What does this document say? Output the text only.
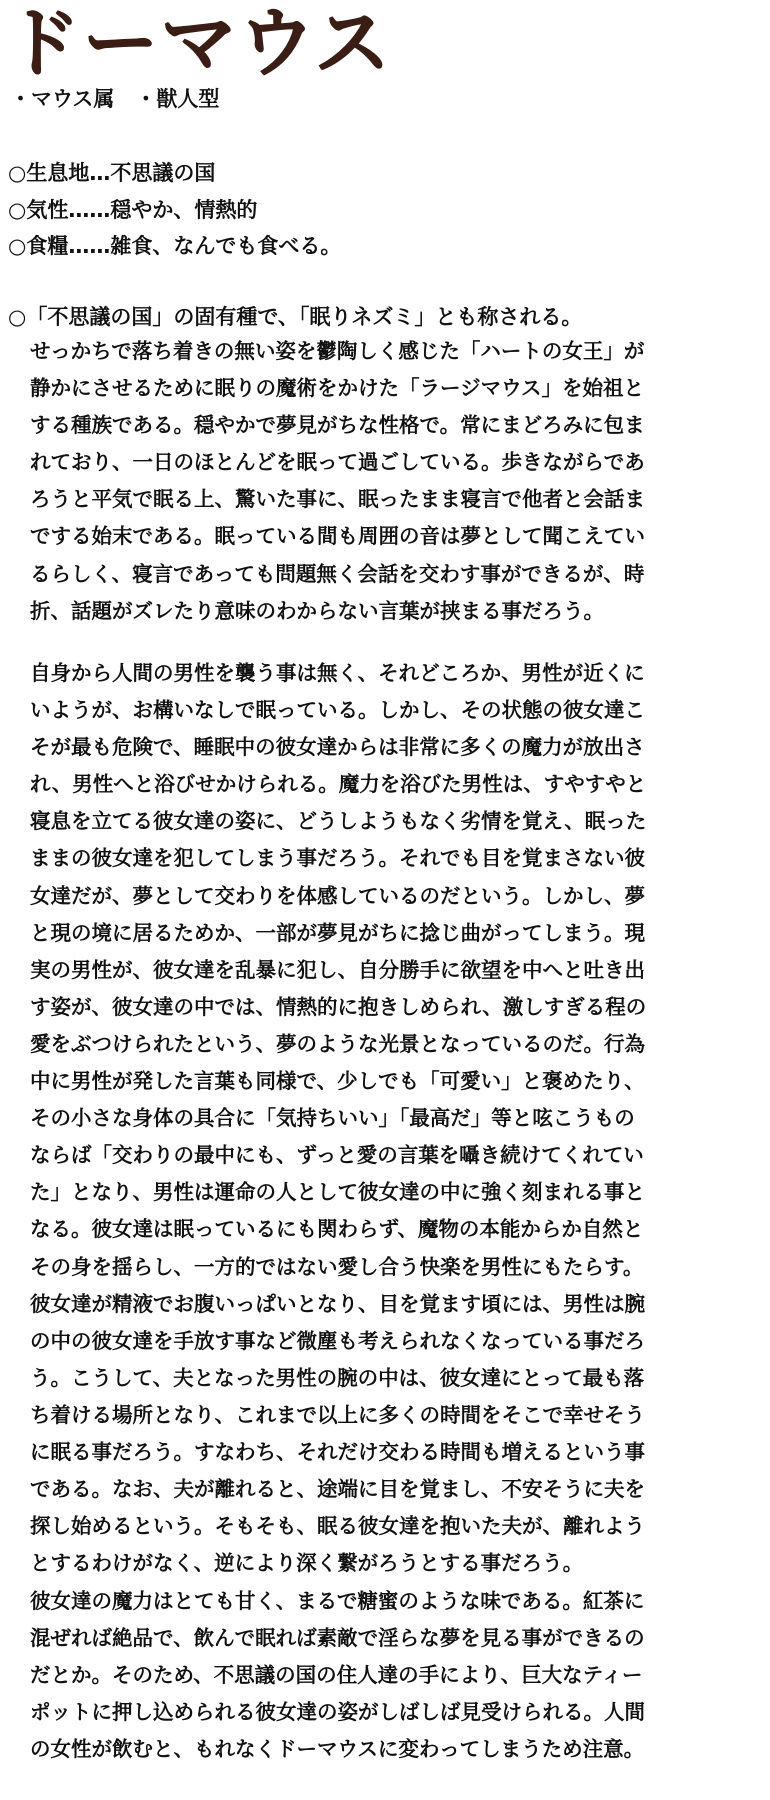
ドーマウス
・マウス属　・獣人型
○生息地…不思議の国
○気性……穏やか、情熱的
○食糧……雑食、なんでも食べる。
○「不思議の国」の固有種で、「眠りネズミ」とも称される。
せっかちで落ち着きの無い姿を鬱陶しく感じた「ハートの女王」が
静かにさせるために眠りの魔術をかけた「ラージマウス」を始祖と
する種族である。穏やかで夢見がちな性格で。常にまどろみに包ま
れており、一日のほとんどを眠って過ごしている。歩きながらであ
ろうと平気で眠る上、驚いた事に、眠ったまま寝言で他者と会話ま
でする始末である。眠っている間も周囲の音は夢として聞こえてい
るらしく、寝言であっても問題無く会話を交わす事ができるが、時
折、話題がズレたり意味のわからない言葉が挟まる事だろう。
自身から人間の男性を襲う事は無く、それどころか、男性が近くに
いようが、お構いなしで眠っている。しかし、その状態の彼女達こ
そが最も危険で、睡眠中の彼女達からは非常に多くの魔力が放出さ
れ、男性へと浴びせかけられる。魔力を浴びた男性は、すやすやと
寝息を立てる彼女達の姿に、どうしようもなく劣情を覚え、眠った
ままの彼女達を犯してしまう事だろう。それでも目を覚まさない彼
女達だが、夢として交わりを体感しているのだという。しかし、夢
と現の境に居るためか、一部が夢見がちに捻じ曲がってしまう。現
実の男性が、彼女達を乱暴に犯し、自分勝手に欲望を中へと吐き出
す姿が、彼女達の中では、情熱的に抱きしめられ、激しすぎる程の
愛をぶつけられたという、夢のような光景となっているのだ。行為
中に男性が発した言葉も同様で、少しでも「可愛い」と褒めたり、
その小さな身体の具合に「気持ちいい」「最高だ」等と呟こうもの
ならば「交わりの最中にも、ずっと愛の言葉を囁き続けてくれてい
た」となり、男性は運命の人として彼女達の中に強く刻まれる事と
なる。彼女達は眠っているにも関わらず、魔物の本能からか自然と
その身を揺らし、一方的ではない愛し合う快楽を男性にもたらす。
彼女達が精液でお腹いっぱいとなり、目を覚ます頃には、男性は腕
の中の彼女達を手放す事など微塵も考えられなくなっている事だろ
う。こうして、夫となった男性の腕の中は、彼女達にとって最も落
ち着ける場所となり、これまで以上に多くの時間をそこで幸せそう
に眠る事だろう。すなわち、それだけ交わる時間も増えるという事
である。なお、夫が離れると、途端に目を覚まし、不安そうに夫を
探し始めるという。そもそも、眠る彼女達を抱いた夫が、離れよう
とするわけがなく、逆により深く繋がろうとする事だろう。
彼女達の魔力はとても甘く、まるで糖蜜のような味である。紅茶に
混ぜれば絶品で、飲んで眠れば素敵で淫らな夢を見る事ができるの
だとか。そのため、不思議の国の住人達の手により、巨大なティー
ポットに押し込められる彼女達の姿がしばしば見受けられる。人間
の女性が飲むと、もれなくドーマウスに変わってしまうため注意。
